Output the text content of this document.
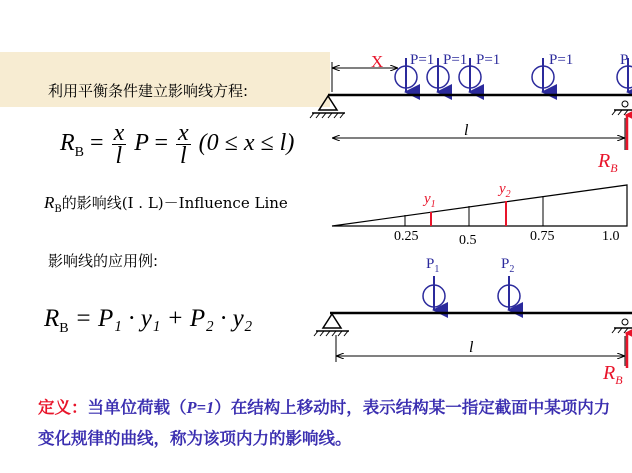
利用平衡条件建立影响线方程:
$R_B = \frac{x}{l}$ $P = \frac{x}{l} (0 \le x \le l)$
$R_B$的影响线(I . L)－Influence Line
影响线的应用例:
$R_B = P_1 \cdot y_1 + P_2 \cdot y_2$
定义：当单位荷载（P=1）在结构上移动时，表示结构某一指定截面中某项内力变化规律的曲线，称为该项内力的影响线。
X P=1 P=1 P=1	P=1	P
l
$R_B$
$y_1$
$y_2$
0.25	0.5	0.75	1.0
$P_1$	$P_2$
l
$R_B$
